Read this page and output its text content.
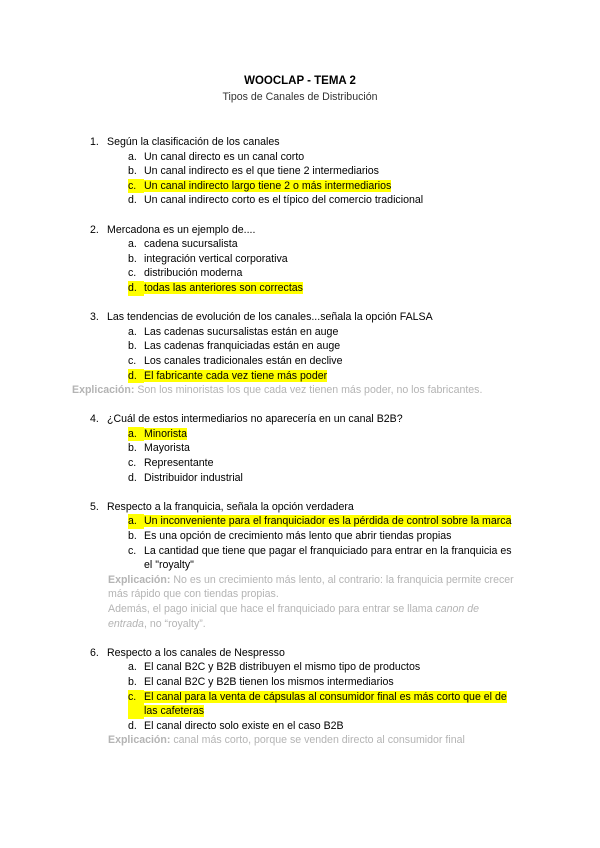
WOOCLAP - TEMA 2
Tipos de Canales de Distribución
1. Según la clasificación de los canales
a. Un canal directo es un canal corto
b. Un canal indirecto es el que tiene 2 intermediarios
c. Un canal indirecto largo tiene 2 o más intermediarios
d. Un canal indirecto corto es el típico del comercio tradicional
2. Mercadona es un ejemplo de....
a. cadena sucursalista
b. integración vertical corporativa
c. distribución moderna
d. todas las anteriores son correctas
3. Las tendencias de evolución de los canales...señala la opción FALSA
a. Las cadenas sucursalistas están en auge
b. Las cadenas franquiciadas están en auge
c. Los canales tradicionales están en declive
d. El fabricante cada vez tiene más poder
Explicación: Son los minoristas los que cada vez tienen más poder, no los fabricantes.
4. ¿Cuál de estos intermediarios no aparecería en un canal B2B?
a. Minorista
b. Mayorista
c. Representante
d. Distribuidor industrial
5. Respecto a la franquicia, señala la opción verdadera
a. Un inconveniente para el franquiciador es la pérdida de control sobre la marca
b. Es una opción de crecimiento más lento que abrir tiendas propias
c. La cantidad que tiene que pagar el franquiciado para entrar en la franquicia es el "royalty"
Explicación: No es un crecimiento más lento, al contrario: la franquicia permite crecer más rápido que con tiendas propias.
Además, el pago inicial que hace el franquiciado para entrar se llama canon de entrada, no “royalty”.
6. Respecto a los canales de Nespresso
a. El canal B2C y B2B distribuyen el mismo tipo de productos
b. El canal B2C y B2B tienen los mismos intermediarios
c. El canal para la venta de cápsulas al consumidor final es más corto que el de las cafeteras
d. El canal directo solo existe en el caso B2B
Explicación: canal más corto, porque se venden directo al consumidor final
